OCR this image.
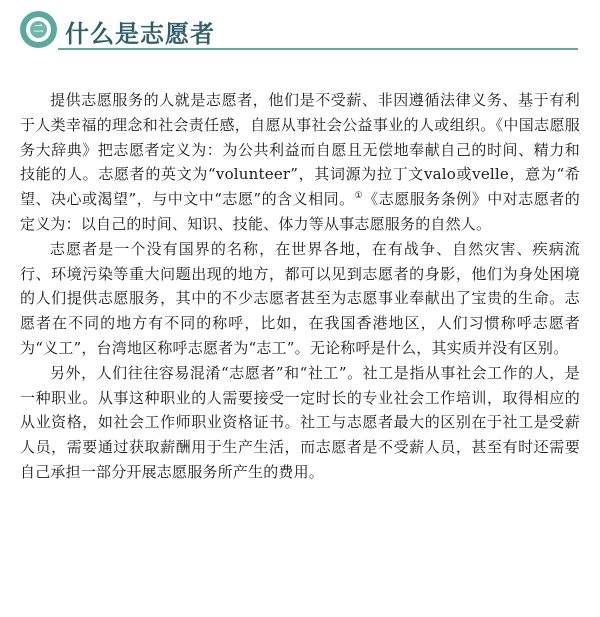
二 什么是志愿者

提供志愿服务的人就是志愿者，他们是不受薪、非因遵循法律义务、基于有利于人类幸福的理念和社会责任感，自愿从事社会公益事业的人或组织。《中国志愿服务大辞典》把志愿者定义为：为公共利益而自愿且无偿地奉献自己的时间、精力和技能的人。志愿者的英文为“volunteer”，其词源为拉丁文valo或velle，意为“希望、决心或渴望”，与中文中“志愿”的含义相同。①《志愿服务条例》中对志愿者的定义为：以自己的时间、知识、技能、体力等从事志愿服务的自然人。

志愿者是一个没有国界的名称，在世界各地，在有战争、自然灾害、疾病流行、环境污染等重大问题出现的地方，都可以见到志愿者的身影，他们为身处困境的人们提供志愿服务，其中的不少志愿者甚至为志愿事业奉献出了宝贵的生命。志愿者在不同的地方有不同的称呼，比如，在我国香港地区，人们习惯称呼志愿者为“义工”，台湾地区称呼志愿者为“志工”。无论称呼是什么，其实质并没有区别。

另外，人们往往容易混淆“志愿者”和“社工”。社工是指从事社会工作的人，是一种职业。从事这种职业的人需要接受一定时长的专业社会工作培训，取得相应的从业资格，如社会工作师职业资格证书。社工与志愿者最大的区别在于社工是受薪人员，需要通过获取薪酬用于生产生活，而志愿者是不受薪人员，甚至有时还需要自己承担一部分开展志愿服务所产生的费用。
